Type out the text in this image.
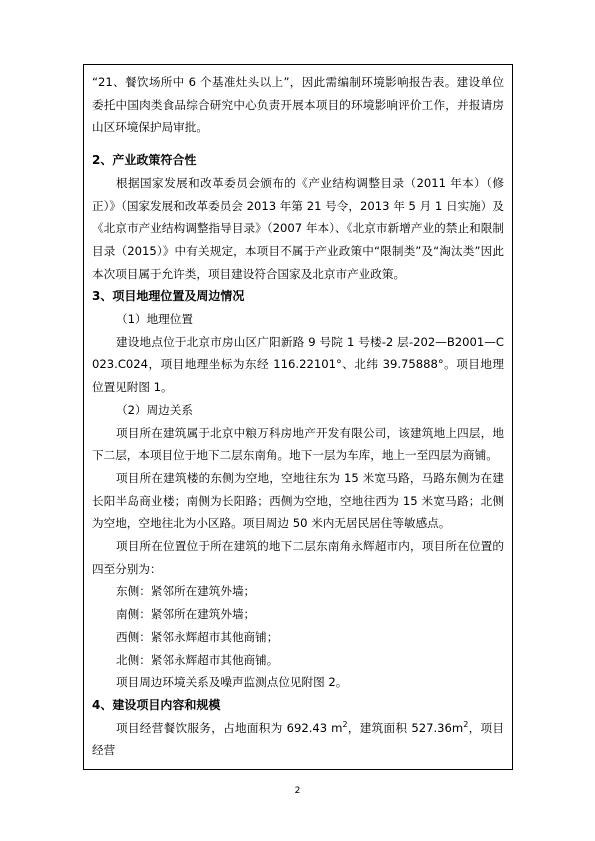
“21、餐饮场所中 6 个基准灶头以上”，因此需编制环境影响报告表。建设单位委托中国肉类食品综合研究中心负责开展本项目的环境影响评价工作，并报请房山区环境保护局审批。

2、产业政策符合性

根据国家发展和改革委员会颁布的《产业结构调整目录（2011 年本）（修正）》（国家发展和改革委员会 2013 年第 21 号令，2013 年 5 月 1 日实施）及《北京市产业结构调整指导目录》（2007 年本）、《北京市新增产业的禁止和限制目录（2015）》中有关规定，本项目不属于产业政策中“限制类”及“淘汰类”因此本次项目属于允许类，项目建设符合国家及北京市产业政策。

3、项目地理位置及周边情况

（1）地理位置

建设地点位于北京市房山区广阳新路 9 号院 1 号楼-2 层-202—B2001—C023.C024，项目地理坐标为东经 116.22101°、北纬 39.75888°。项目地理位置见附图 1。

（2）周边关系

项目所在建筑属于北京中粮万科房地产开发有限公司，该建筑地上四层，地下二层，本项目位于地下二层东南角。地下一层为车库，地上一至四层为商铺。

项目所在建筑楼的东侧为空地，空地往东为 15 米宽马路，马路东侧为在建长阳半岛商业楼；南侧为长阳路；西侧为空地，空地往西为 15 米宽马路；北侧为空地，空地往北为小区路。项目周边 50 米内无居民居住等敏感点。

项目所在位置位于所在建筑的地下二层东南角永辉超市内，项目所在位置的四至分别为：

东侧：紧邻所在建筑外墙；

南侧：紧邻所在建筑外墙；

西侧：紧邻永辉超市其他商铺；

北侧：紧邻永辉超市其他商铺。

项目周边环境关系及噪声监测点位见附图 2。

4、建设项目内容和规模

项目经营餐饮服务，占地面积为 692.43 $m^2$，建筑面积 $527.36m^2$，项目经营

2
